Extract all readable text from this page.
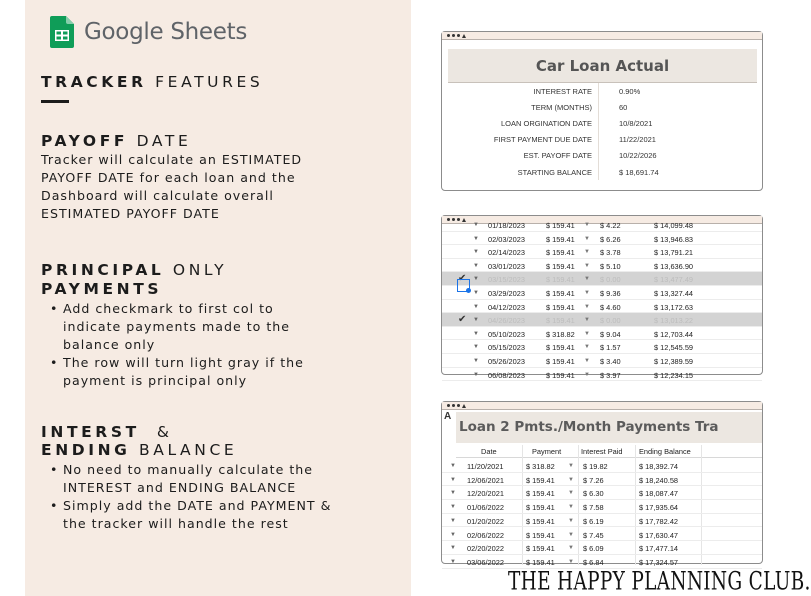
Google Sheets
TRACKER FEATURES
PAYOFF DATE
Tracker will calculate an ESTIMATED
PAYOFF DATE for each loan and the
Dashboard will calculate overall
ESTIMATED PAYOFF DATE
PRINCIPAL ONLY
PAYMENTS
• Add checkmark to first col to
indicate payments made to the
balance only
• The row will turn light gray if the
payment is principal only
INTERST &
ENDING BALANCE
• No need to manually calculate the
INTEREST and ENDING BALANCE
• Simply add the DATE and PAYMENT &
the tracker will handle the rest
Car Loan Actual
INTEREST RATE	0.90%
TERM (MONTHS)	60
LOAN ORGINATION DATE	10/8/2021
FIRST PAYMENT DUE DATE	11/22/2021
EST. PAYOFF DATE	10/22/2026
STARTING BALANCE	$ 18,691.74
▼ 06/08/2023	$ 159.41 ▼ $ 3.97	$ 12,234.15
▼ 05/26/2023	$ 159.41 ▼ $ 3.40	$ 12,389.59
▼ 05/15/2023	$ 159.41 ▼ $ 1.57	$ 12,545.59
▼ 05/10/2023	$ 318.82 ▼ $ 9.04	$ 12,703.44
✔ ▼ 04/26/2023	$ 159.41 ▼ $ 0.00	$ 13,013.22
▼ 04/12/2023	$ 159.41 ▼ $ 4.60	$ 13,172.63
▼ 03/29/2023	$ 159.41 ▼ $ 9.36	$ 13,327.44
✔ ▼ 03/15/2023	$ 159.41 ▼ $ 0.00	$ 13,477.49
▼ 03/01/2023	$ 159.41 ▼ $ 5.10	$ 13,636.90
▼ 02/14/2023	$ 159.41 ▼ $ 3.78	$ 13,791.21
▼ 02/03/2023	$ 159.41 ▼ $ 6.26	$ 13,946.83
▼ 01/18/2023	$ 159.41 ▼ $ 4.22	$ 14,099.48
A
Loan 2 Pmts./Month Payments Tra
Date	Payment	Interest Paid Ending Balance
▼ 11/20/2021	$ 318.82 ▼ $ 19.82	$ 18,392.74
▼ 12/06/2021	$ 159.41 ▼ $ 7.26	$ 18,240.58
▼ 12/20/2021	$ 159.41 ▼ $ 6.30	$ 18,087.47
▼ 01/06/2022	$ 159.41 ▼ $ 7.58	$ 17,935.64
▼ 01/20/2022	$ 159.41 ▼ $ 6.19	$ 17,782.42
▼ 02/06/2022	$ 159.41 ▼ $ 7.45	$ 17,630.47
▼ 02/20/2022	$ 159.41 ▼ $ 6.09	$ 17,477.14
▼ 03/06/2022	$ 159.41 ▼ $ 6.84	$ 17,324.57
THE HAPPY PLANNING CLUB.
